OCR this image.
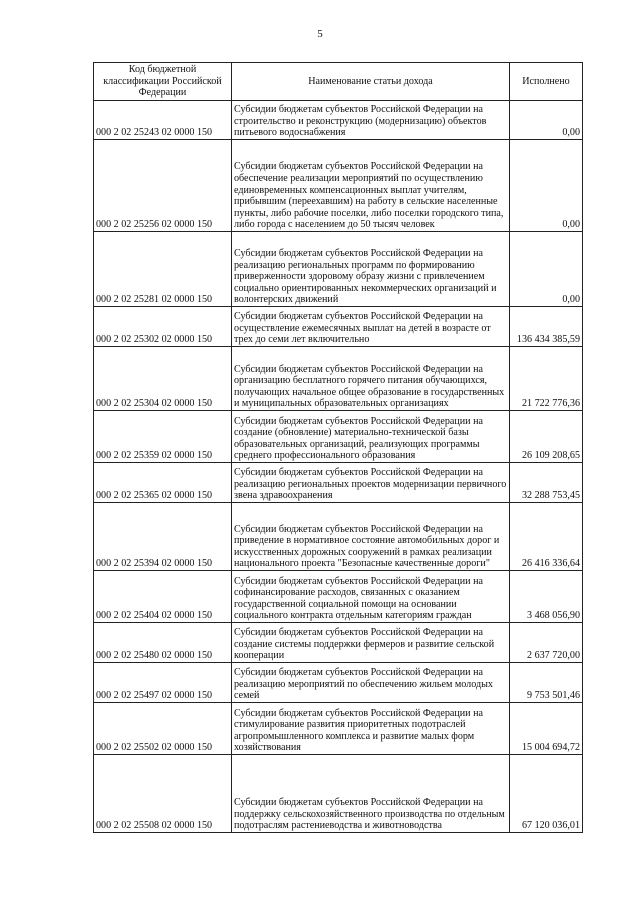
5
Код бюджетной классификации Российской Федерации	Наименование статьи дохода	Исполнено
000 2 02 25243 02 0000 150	Субсидии бюджетам субъектов Российской Федерации на строительство и реконструкцию (модернизацию) объектов питьевого водоснабжения	0,00
000 2 02 25256 02 0000 150	Субсидии бюджетам субъектов Российской Федерации на обеспечение реализации мероприятий по осуществлению единовременных компенсационных выплат учителям, прибывшим (переехавшим) на работу в сельские населенные пункты, либо рабочие поселки, либо поселки городского типа, либо города с населением до 50 тысяч человек	0,00
000 2 02 25281 02 0000 150	Субсидии бюджетам субъектов Российской Федерации на реализацию региональных программ по формированию приверженности здоровому образу жизни с привлечением социально ориентированных некоммерческих организаций и волонтерских движений	0,00
000 2 02 25302 02 0000 150	Субсидии бюджетам субъектов Российской Федерации на осуществление ежемесячных выплат на детей в возрасте от трех до семи лет включительно	136 434 385,59
000 2 02 25304 02 0000 150	Субсидии бюджетам субъектов Российской Федерации на организацию бесплатного горячего питания обучающихся, получающих начальное общее образование в государственных и муниципальных образовательных организациях	21 722 776,36
000 2 02 25359 02 0000 150	Субсидии бюджетам субъектов Российской Федерации на создание (обновление) материально-технической базы образовательных организаций, реализующих программы среднего профессионального образования	26 109 208,65
000 2 02 25365 02 0000 150	Субсидии бюджетам субъектов Российской Федерации на реализацию региональных проектов модернизации первичного звена здравоохранения	32 288 753,45
000 2 02 25394 02 0000 150	Субсидии бюджетам субъектов Российской Федерации на приведение в нормативное состояние автомобильных дорог и искусственных дорожных сооружений в рамках реализации национального проекта "Безопасные качественные дороги"	26 416 336,64
000 2 02 25404 02 0000 150	Субсидии бюджетам субъектов Российской Федерации на софинансирование расходов, связанных с оказанием государственной социальной помощи на основании социального контракта отдельным категориям граждан	3 468 056,90
000 2 02 25480 02 0000 150	Субсидии бюджетам субъектов Российской Федерации на создание системы поддержки фермеров и развитие сельской кооперации	2 637 720,00
000 2 02 25497 02 0000 150	Субсидии бюджетам субъектов Российской Федерации на реализацию мероприятий по обеспечению жильем молодых семей	9 753 501,46
000 2 02 25502 02 0000 150	Субсидии бюджетам субъектов Российской Федерации на стимулирование развития приоритетных подотраслей агропромышленного комплекса и развитие малых форм хозяйствования	15 004 694,72
000 2 02 25508 02 0000 150	Субсидии бюджетам субъектов Российской Федерации на поддержку сельскохозяйственного производства по отдельным подотраслям растениеводства и животноводства	67 120 036,01
